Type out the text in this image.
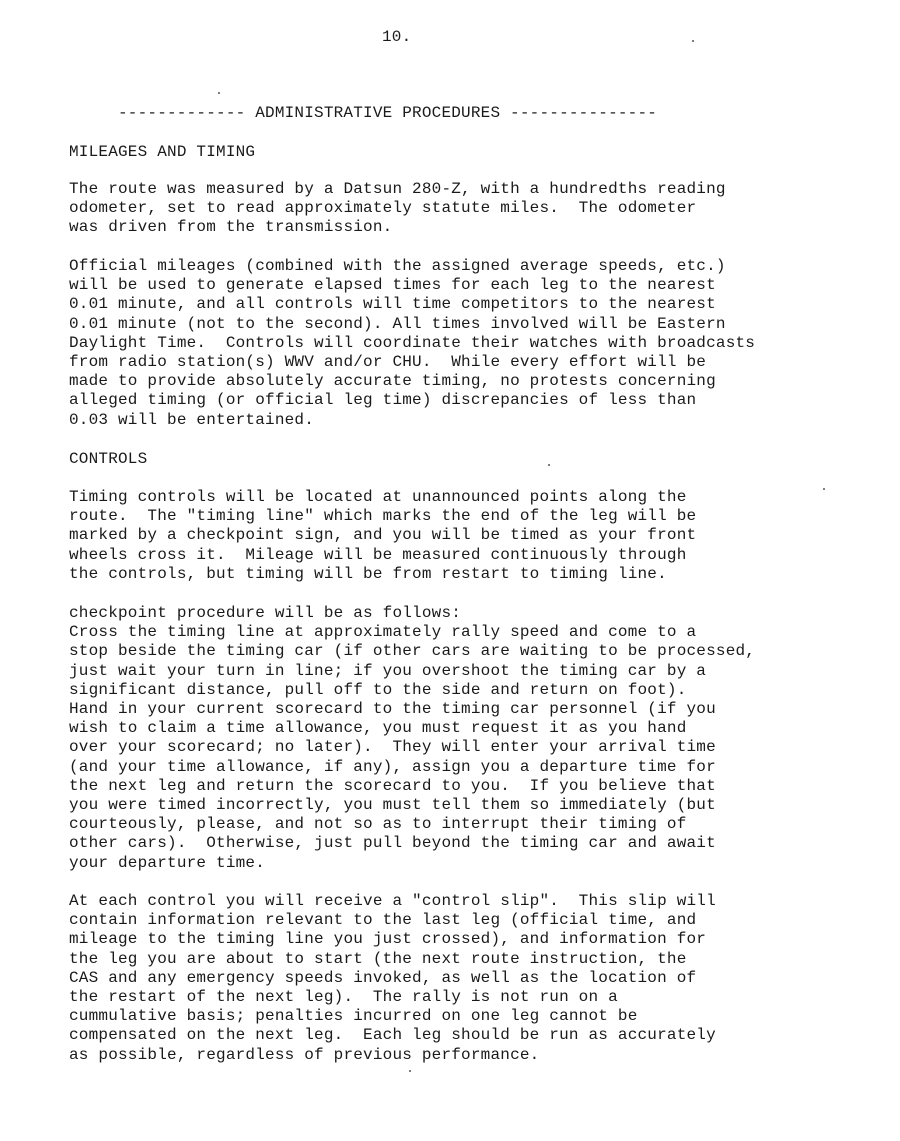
10.
------------- ADMINISTRATIVE PROCEDURES ---------------
MILEAGES AND TIMING

The route was measured by a Datsun 280-Z, with a hundredths reading
odometer, set to read approximately statute miles.  The odometer
was driven from the transmission.

Official mileages (combined with the assigned average speeds, etc.)
will be used to generate elapsed times for each leg to the nearest
0.01 minute, and all controls will time competitors to the nearest
0.01 minute (not to the second). All times involved will be Eastern
Daylight Time.  Controls will coordinate their watches with broadcasts
from radio station(s) WWV and/or CHU.  While every effort will be
made to provide absolutely accurate timing, no protests concerning
alleged timing (or official leg time) discrepancies of less than
0.03 will be entertained.

CONTROLS

Timing controls will be located at unannounced points along the
route.  The "timing line" which marks the end of the leg will be
marked by a checkpoint sign, and you will be timed as your front
wheels cross it.  Mileage will be measured continuously through
the controls, but timing will be from restart to timing line.

checkpoint procedure will be as follows:
Cross the timing line at approximately rally speed and come to a
stop beside the timing car (if other cars are waiting to be processed,
just wait your turn in line; if you overshoot the timing car by a
significant distance, pull off to the side and return on foot).
Hand in your current scorecard to the timing car personnel (if you
wish to claim a time allowance, you must request it as you hand
over your scorecard; no later).  They will enter your arrival time
(and your time allowance, if any), assign you a departure time for
the next leg and return the scorecard to you.  If you believe that
you were timed incorrectly, you must tell them so immediately (but
courteously, please, and not so as to interrupt their timing of
other cars).  Otherwise, just pull beyond the timing car and await
your departure time.

At each control you will receive a "control slip".  This slip will
contain information relevant to the last leg (official time, and
mileage to the timing line you just crossed), and information for
the leg you are about to start (the next route instruction, the
CAS and any emergency speeds invoked, as well as the location of
the restart of the next leg).  The rally is not run on a
cummulative basis; penalties incurred on one leg cannot be
compensated on the next leg.  Each leg should be run as accurately
as possible, regardless of previous performance.
